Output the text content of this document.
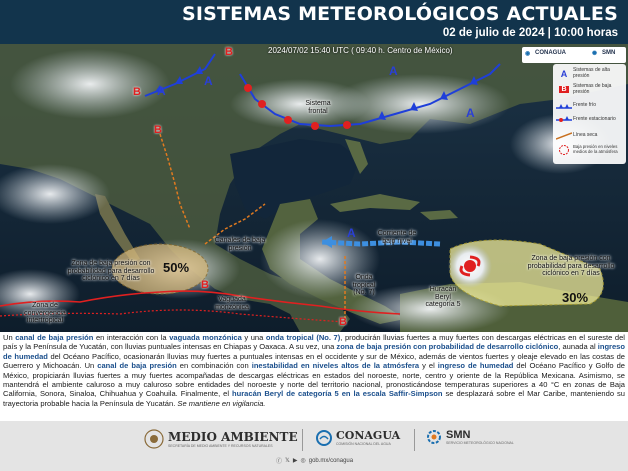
SISTEMAS METEOROLÓGICOS ACTUALES
02 de julio de 2024 | 10:00 horas
A
A
A
A
A
B
B
B
B
B
Sistema frontal
Zona de baja presión con probabilidad para desarrollo ciclónico en 7 días
50%
Canales de baja presión
Vaguada monzónica
Zona de convergencia intertropical
Onda tropical (No. 7)
Corriente de bajo nivel
Huracán Beryl categoría 5
Zona de baja presión con probabilidad para desarrollo ciclónico en 7 días
30%
2024/07/02 15:40 UTC ( 09:40 h. Centro de México)	◉ CONAGUA	✺ SMN
A Sistemas de alta presión
B	Sistemas de baja presión
Frente frío
Frente estacionario
Línea seca
Baja presión en niveles medios de la atmósfera
Un canal de baja presión en interacción con la vaguada monzónica y una onda tropical (No. 7), producirán lluvias fuertes a muy fuertes con descargas eléctricas en el sureste del país y la Península de Yucatán, con lluvias puntuales intensas en Chiapas y Oaxaca. A su vez, una zona de baja presión con probabilidad de desarrollo ciclónico, aunada al ingreso de humedad del Océano Pacífico, ocasionarán lluvias muy fuertes a puntuales intensas en el occidente y sur de México, además de vientos fuertes y oleaje elevado en las costas de Guerrero y Michoacán. Un canal de baja presión en combinación con inestabilidad en niveles altos de la atmósfera y el ingreso de humedad del Océano Pacífico y Golfo de México, propiciarán lluvias fuertes a muy fuertes acompañadas de descargas eléctricas en estados del noroeste, norte, centro y oriente de la República Mexicana. Asimismo, se mantendrá el ambiente caluroso a muy caluroso sobre entidades del noroeste y norte del territorio nacional, pronosticándose temperaturas superiores a 40 °C en zonas de Baja California, Sonora, Sinaloa, Chihuahua y Coahuila. Finalmente, el huracán Beryl de categoría 5 en la escala Saffir-Simpson se desplazará sobre el Mar Caribe, manteniendo su trayectoria probable hacia la Península de Yucatán. Se mantiene en vigilancia.
MEDIO AMBIENTE
SECRETARÍA DE MEDIO AMBIENTE Y RECURSOS NATURALES
CONAGUA
COMISIÓN NACIONAL DEL AGUA
SMN
SERVICIO METEOROLÓGICO NACIONAL
ⓕ 𝕏 ▶ ◎ gob.mx/conagua
